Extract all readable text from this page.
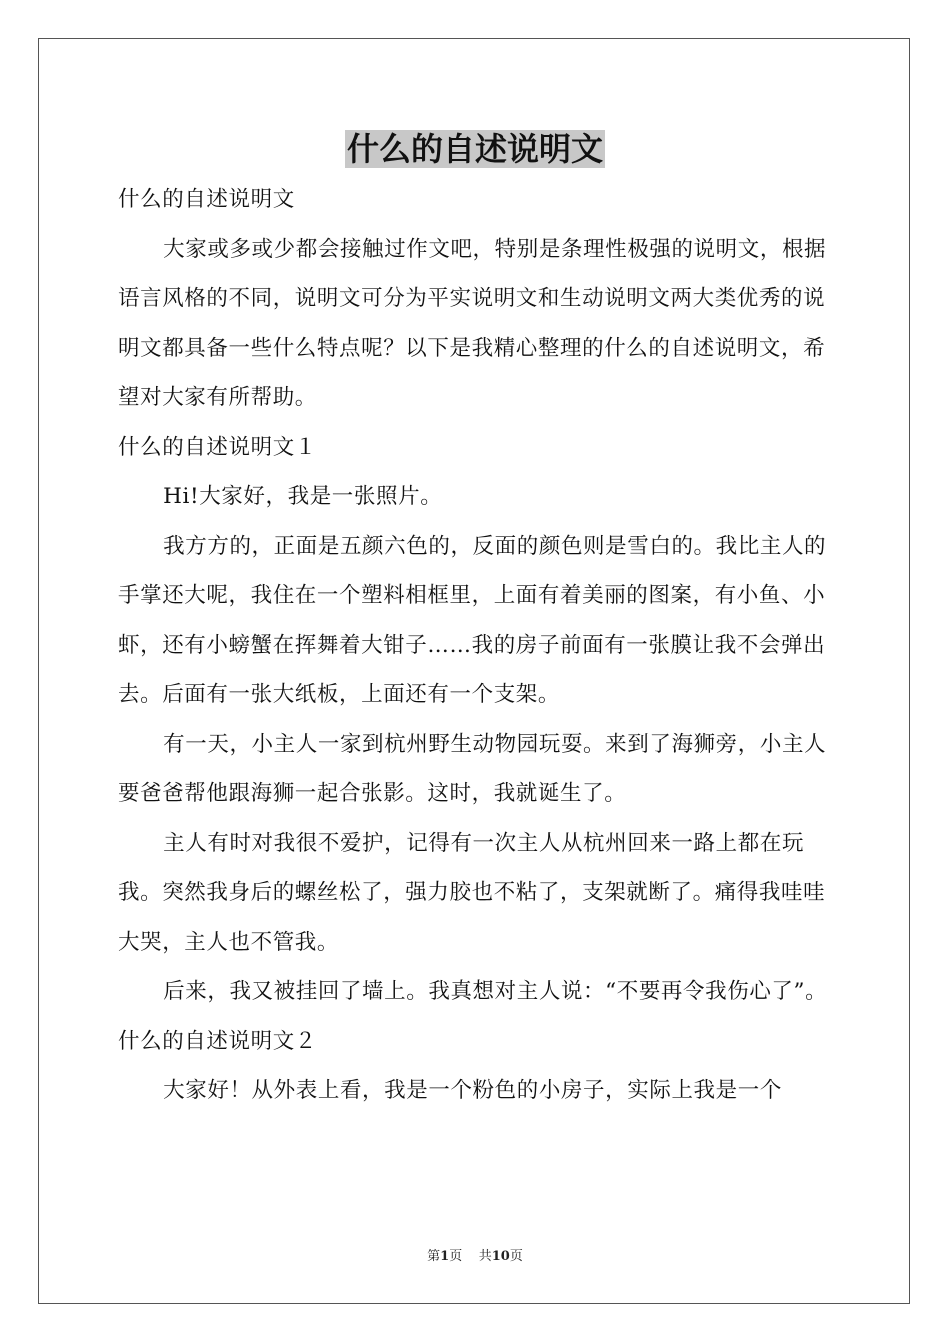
什么的自述说明文

什么的自述说明文

大家或多或少都会接触过作文吧，特别是条理性极强的说明文，根据语言风格的不同，说明文可分为平实说明文和生动说明文两大类优秀的说明文都具备一些什么特点呢？以下是我精心整理的什么的自述说明文，希望对大家有所帮助。

什么的自述说明文１

Hi!大家好，我是一张照片。

我方方的，正面是五颜六色的，反面的颜色则是雪白的。我比主人的手掌还大呢，我住在一个塑料相框里，上面有着美丽的图案，有小鱼、小虾，还有小螃蟹在挥舞着大钳子……我的房子前面有一张膜让我不会弹出去。后面有一张大纸板，上面还有一个支架。

有一天，小主人一家到杭州野生动物园玩耍。来到了海狮旁，小主人要爸爸帮他跟海狮一起合张影。这时，我就诞生了。

主人有时对我很不爱护，记得有一次主人从杭州回来一路上都在玩我。突然我身后的螺丝松了，强力胶也不粘了，支架就断了。痛得我哇哇大哭，主人也不管我。

后来，我又被挂回了墙上。我真想对主人说：“不要再令我伤心了”。

什么的自述说明文２

大家好！从外表上看，我是一个粉色的小房子，实际上我是一个

第1页 共10页
